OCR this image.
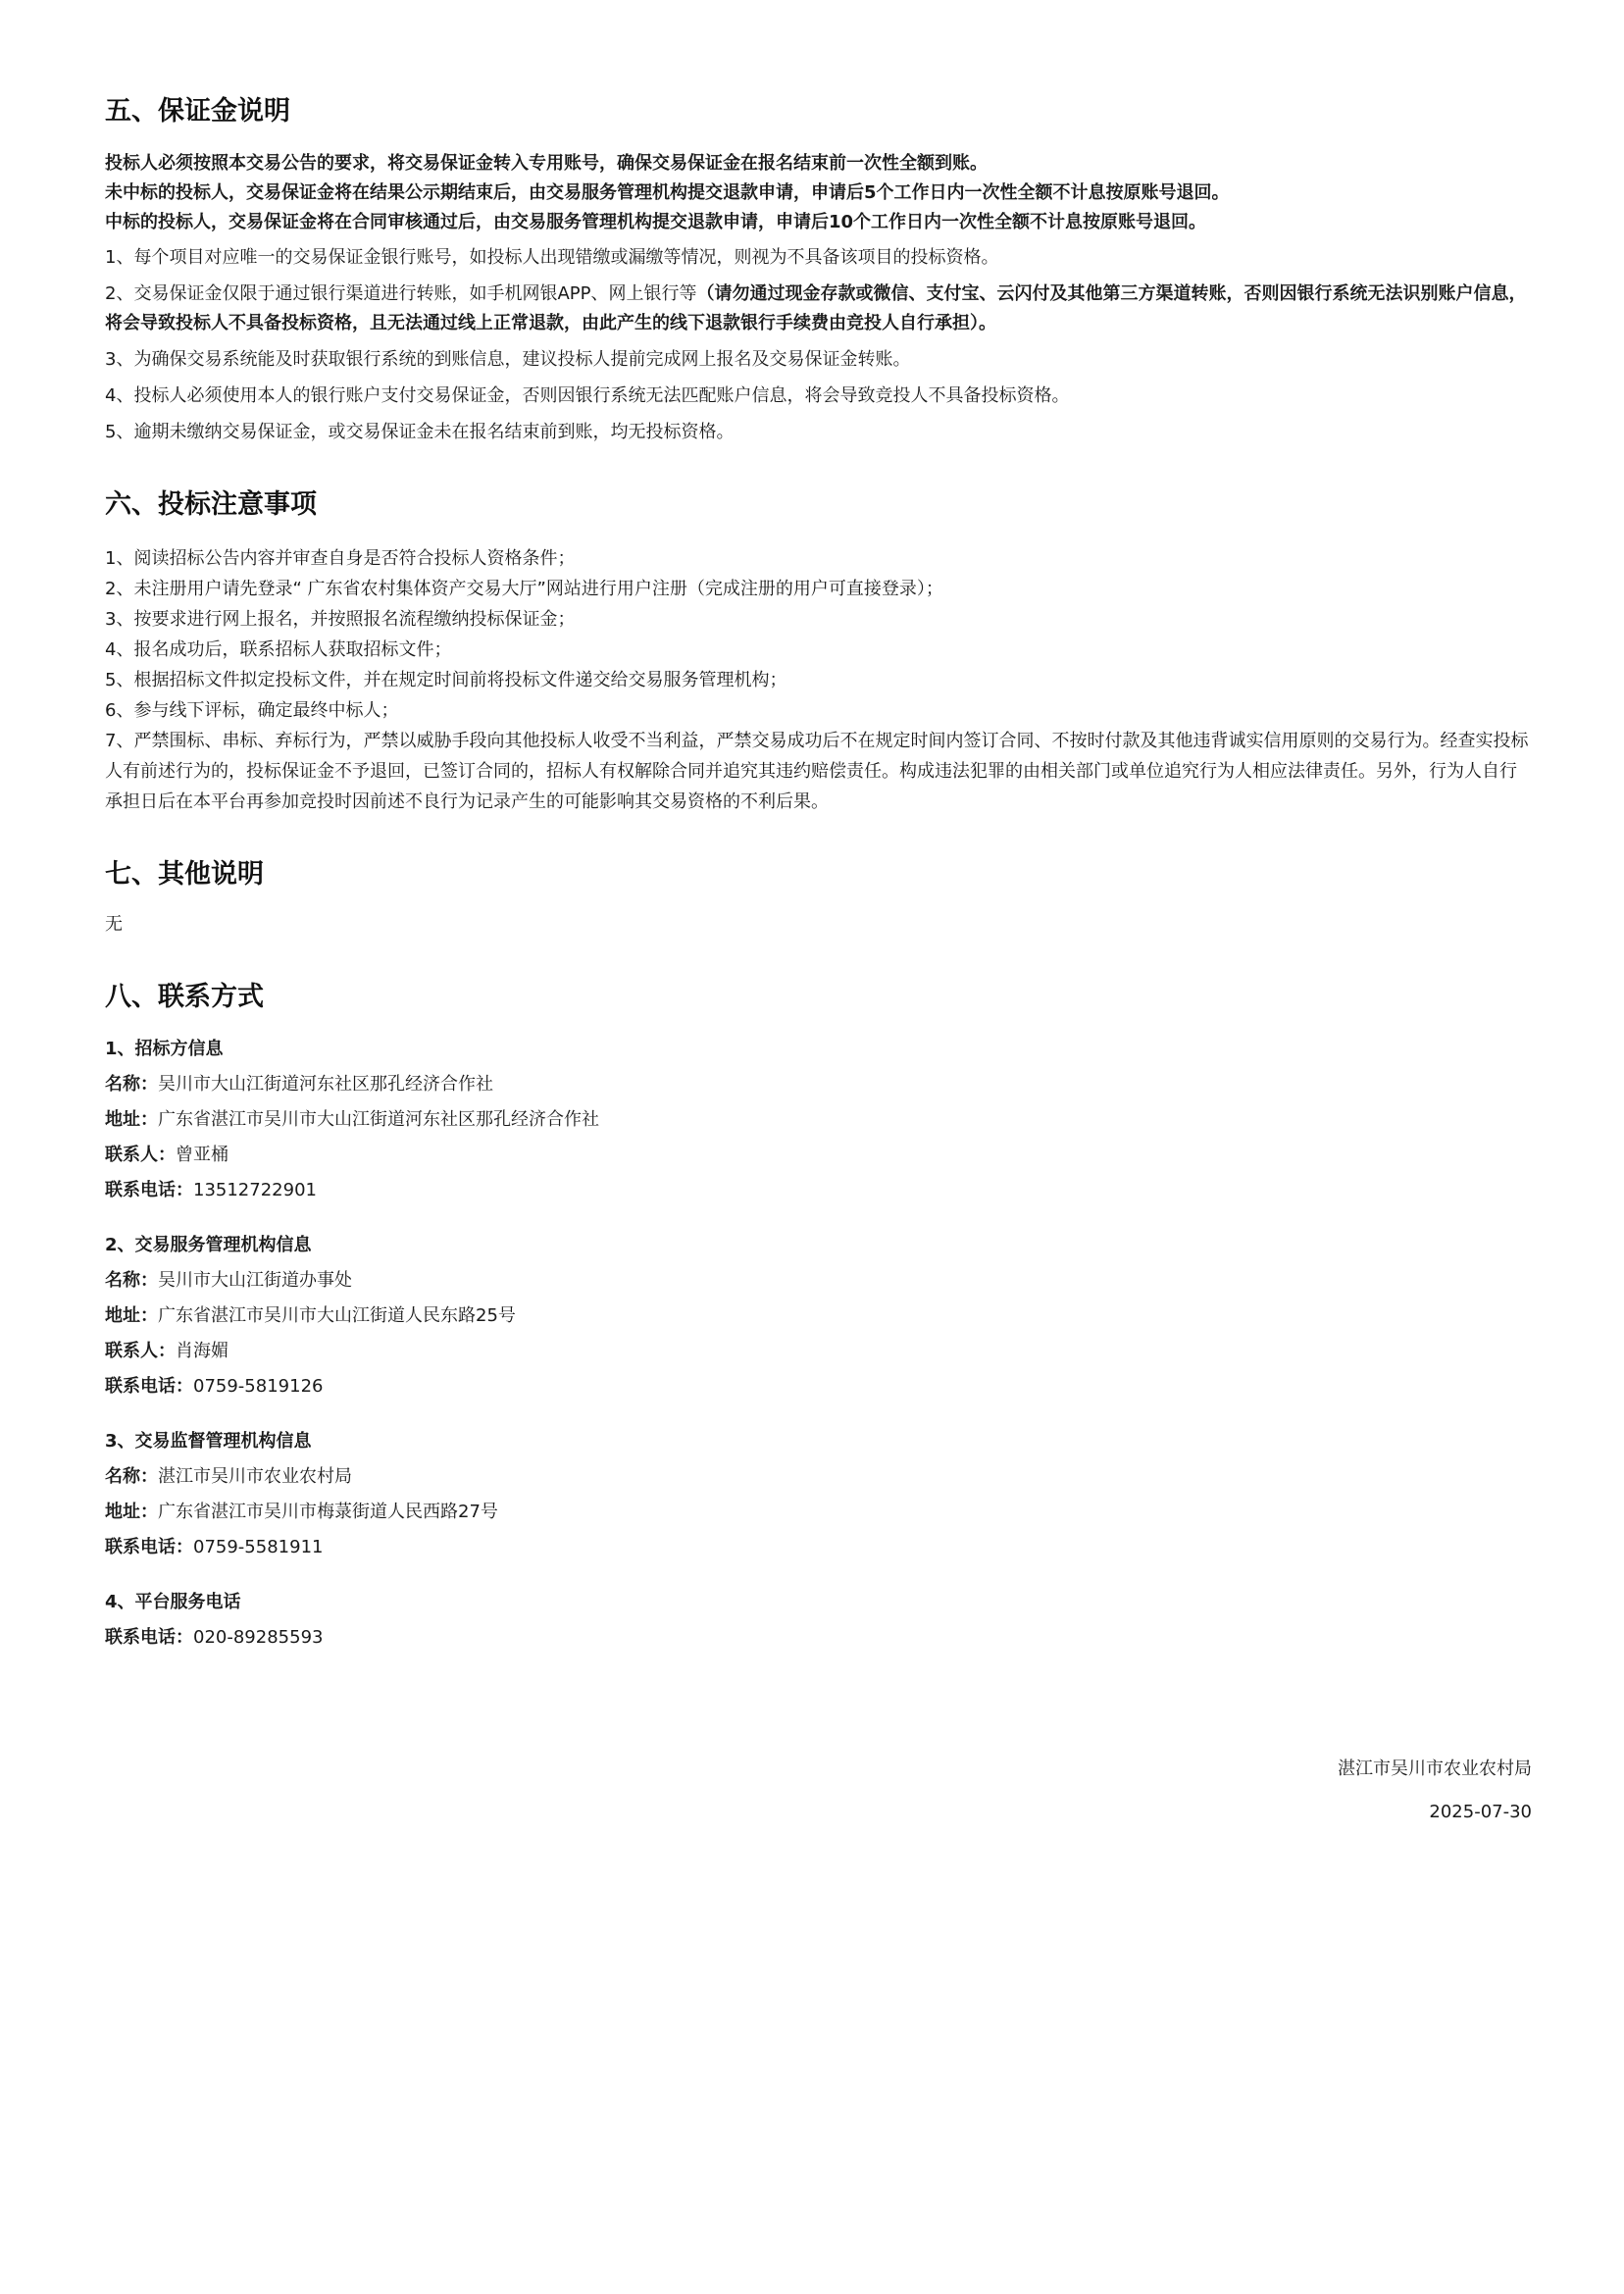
五、保证金说明

投标人必须按照本交易公告的要求，将交易保证金转入专用账号，确保交易保证金在报名结束前一次性全额到账。

未中标的投标人，交易保证金将在结果公示期结束后，由交易服务管理机构提交退款申请，申请后5个工作日内一次性全额不计息按原账号退回。

中标的投标人，交易保证金将在合同审核通过后，由交易服务管理机构提交退款申请，申请后10个工作日内一次性全额不计息按原账号退回。

1、每个项目对应唯一的交易保证金银行账号，如投标人出现错缴或漏缴等情况，则视为不具备该项目的投标资格。

2、交易保证金仅限于通过银行渠道进行转账，如手机网银APP、网上银行等（请勿通过现金存款或微信、支付宝、云闪付及其他第三方渠道转账，否则因银行系统无法识别账户信息，将会导致投标人不具备投标资格，且无法通过线上正常退款，由此产生的线下退款银行手续费由竞投人自行承担）。

3、为确保交易系统能及时获取银行系统的到账信息，建议投标人提前完成网上报名及交易保证金转账。

4、投标人必须使用本人的银行账户支付交易保证金，否则因银行系统无法匹配账户信息，将会导致竞投人不具备投标资格。

5、逾期未缴纳交易保证金，或交易保证金未在报名结束前到账，均无投标资格。

六、投标注意事项

1、阅读招标公告内容并审查自身是否符合投标人资格条件；

2、未注册用户请先登录“ 广东省农村集体资产交易大厅”网站进行用户注册（完成注册的用户可直接登录）；

3、按要求进行网上报名，并按照报名流程缴纳投标保证金；

4、报名成功后，联系招标人获取招标文件；

5、根据招标文件拟定投标文件，并在规定时间前将投标文件递交给交易服务管理机构；

6、参与线下评标，确定最终中标人；

7、严禁围标、串标、弃标行为，严禁以威胁手段向其他投标人收受不当利益，严禁交易成功后不在规定时间内签订合同、不按时付款及其他违背诚实信用原则的交易行为。经查实投标人有前述行为的，投标保证金不予退回，已签订合同的，招标人有权解除合同并追究其违约赔偿责任。构成违法犯罪的由相关部门或单位追究行为人相应法律责任。另外，行为人自行承担日后在本平台再参加竞投时因前述不良行为记录产生的可能影响其交易资格的不利后果。

七、其他说明
无
八、联系方式

1、招标方信息

名称：吴川市大山江街道河东社区那孔经济合作社

地址：广东省湛江市吴川市大山江街道河东社区那孔经济合作社

联系人：曾亚桶

联系电话：13512722901

2、交易服务管理机构信息

名称：吴川市大山江街道办事处

地址：广东省湛江市吴川市大山江街道人民东路25号

联系人：肖海媚

联系电话：0759-5819126

3、交易监督管理机构信息

名称：湛江市吴川市农业农村局

地址：广东省湛江市吴川市梅菉街道人民西路27号

联系电话：0759-5581911

4、平台服务电话

联系电话：020-89285593

湛江市吴川市农业农村局
2025-07-30
